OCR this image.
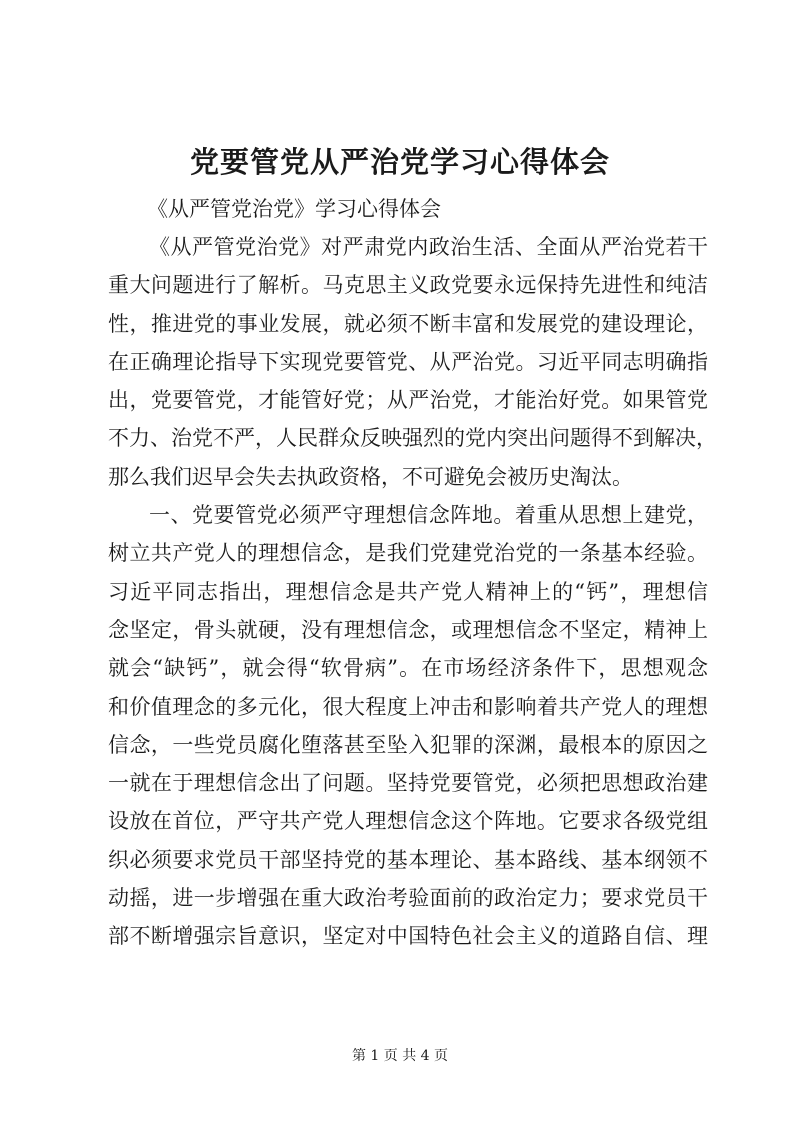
党要管党从严治党学习心得体会
《从严管党治党》学习心得体会
《从严管党治党》对严肃党内政治生活、全面从严治党若干
重大问题进行了解析。马克思主义政党要永远保持先进性和纯洁
性，推进党的事业发展，就必须不断丰富和发展党的建设理论，
在正确理论指导下实现党要管党、从严治党。习近平同志明确指
出，党要管党，才能管好党；从严治党，才能治好党。如果管党
不力、治党不严，人民群众反映强烈的党内突出问题得不到解决，
那么我们迟早会失去执政资格，不可避免会被历史淘汰。
一、党要管党必须严守理想信念阵地。着重从思想上建党，
树立共产党人的理想信念，是我们党建党治党的一条基本经验。
习近平同志指出，理想信念是共产党人精神上的“钙”，理想信
念坚定，骨头就硬，没有理想信念，或理想信念不坚定，精神上
就会“缺钙”，就会得“软骨病”。在市场经济条件下，思想观念
和价值理念的多元化，很大程度上冲击和影响着共产党人的理想
信念，一些党员腐化堕落甚至坠入犯罪的深渊，最根本的原因之
一就在于理想信念出了问题。坚持党要管党，必须把思想政治建
设放在首位，严守共产党人理想信念这个阵地。它要求各级党组
织必须要求党员干部坚持党的基本理论、基本路线、基本纲领不
动摇，进一步增强在重大政治考验面前的政治定力；要求党员干
部不断增强宗旨意识，坚定对中国特色社会主义的道路自信、理
第 1 页 共 4 页
